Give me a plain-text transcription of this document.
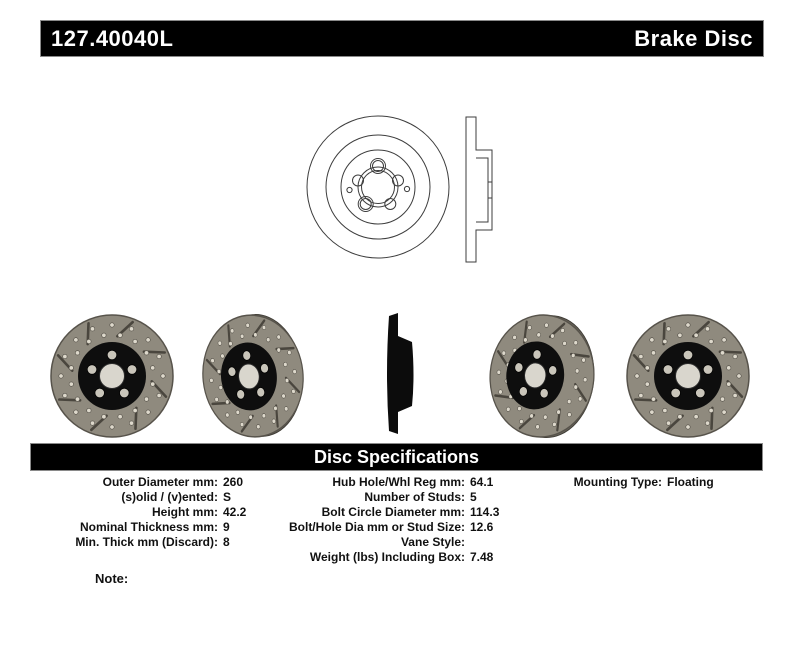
127.40040L	Brake Disc
Disc Specifications
Outer Diameter mm: 260
(s)olid / (v)ented: S
Height mm: 42.2
Nominal Thickness mm: 9
Min. Thick mm (Discard): 8
Hub Hole/Whl Reg mm: 64.1
Number of Studs: 5
Bolt Circle Diameter mm: 114.3
Bolt/Hole Dia mm or Stud Size: 12.6
Vane Style:
Weight (lbs) Including Box: 7.48
Mounting Type: Floating
Note:
